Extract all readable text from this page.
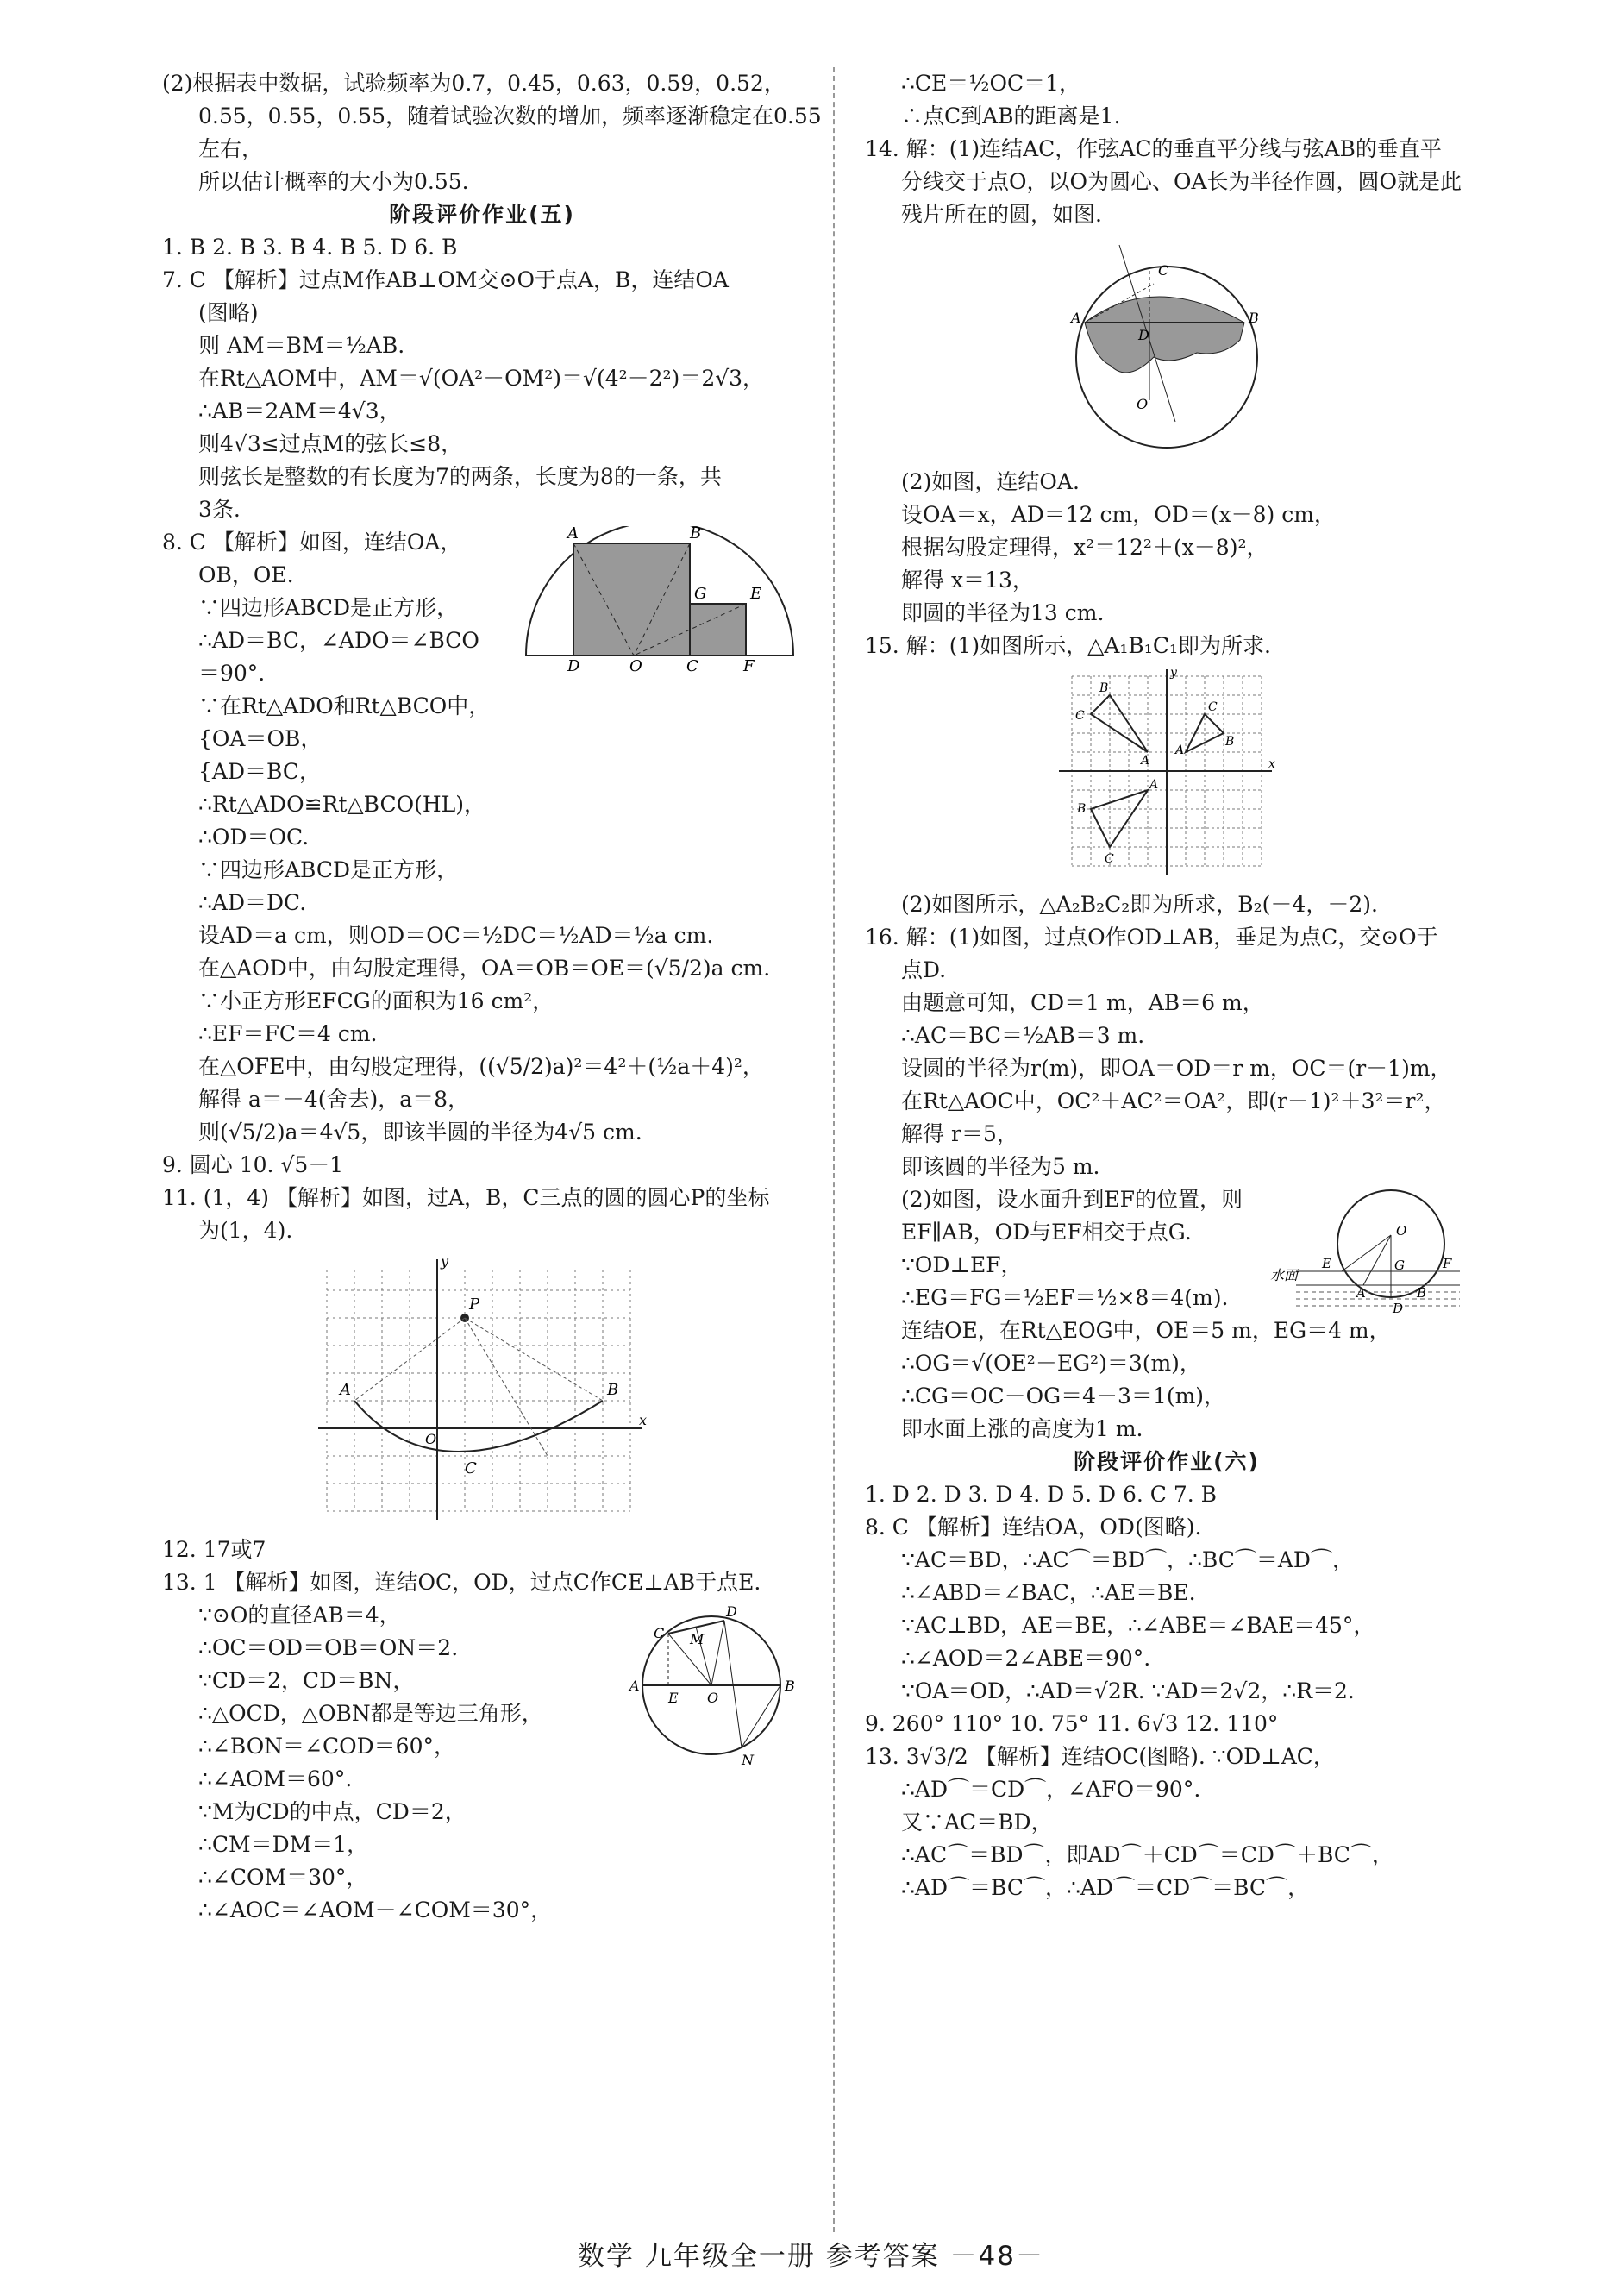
(2)根据表中数据，试验频率为0.7，0.45，0.63，0.59，0.52，
0.55，0.55，0.55，随着试验次数的增加，频率逐渐稳定在0.55
左右，
所以估计概率的大小为0.55.
阶段评价作业(五)
1. B 2. B 3. B 4. B 5. D 6. B
7. C 【解析】过点M作AB⊥OM交⊙O于点A，B，连结OA
(图略)
则 AM＝BM＝½AB.
在Rt△AOM中，AM＝√(OA²－OM²)＝√(4²－2²)＝2√3，
∴AB＝2AM＝4√3，
则4√3≤过点M的弦长≤8，
则弦长是整数的有长度为7的两条，长度为8的一条，共
3条.
A	B
G	E
D	O	C	F
8. C 【解析】如图，连结OA，
OB，OE.
∵四边形ABCD是正方形，
∴AD＝BC，∠ADO＝∠BCO
＝90°.
∵在Rt△ADO和Rt△BCO中，
{OA＝OB，
{AD＝BC，
∴Rt△ADO≌Rt△BCO(HL)，
∴OD＝OC.
∵四边形ABCD是正方形，
∴AD＝DC.
设AD＝a cm，则OD＝OC＝½DC＝½AD＝½a cm.
在△AOD中，由勾股定理得，OA＝OB＝OE＝(√5/2)a cm.
∵小正方形EFCG的面积为16 cm²，
∴EF＝FC＝4 cm.
在△OFE中，由勾股定理得，((√5/2)a)²＝4²＋(½a＋4)²，
解得 a＝－4(舍去)，a＝8，
则(√5/2)a＝4√5，即该半圆的半径为4√5 cm.
9. 圆心 10. √5－1
11. (1，4) 【解析】如图，过A，B，C三点的圆的圆心P的坐标
为(1，4).
A	B
P
C
y
x
O
12. 17或7
13. 1 【解析】如图，连结OC，OD，过点C作CE⊥AB于点E.
C
D
M
A	B
E O
N
∵⊙O的直径AB＝4，
∴OC＝OD＝OB＝ON＝2.
∵CD＝2，CD＝BN，
∴△OCD，△OBN都是等边三角形，
∴∠BON＝∠COD＝60°，
∴∠AOM＝60°.
∵M为CD的中点，CD＝2，
∴CM＝DM＝1，
∴∠COM＝30°，
∴∠AOC＝∠AOM－∠COM＝30°，
∴CE＝½OC＝1，
∴点C到AB的距离是1.
14. 解：(1)连结AC，作弦AC的垂直平分线与弦AB的垂直平
分线交于点O，以O为圆心、OA长为半径作圆，圆O就是此
残片所在的圆，如图.
C
A	B
D
O
(2)如图，连结OA.
设OA＝x，AD＝12 cm，OD＝(x－8) cm，
根据勾股定理得，x²＝12²＋(x－8)²，
解得 x＝13，
即圆的半径为13 cm.
15. 解：(1)如图所示，△A₁B₁C₁即为所求.
B
C
A
C
B
A
B
C
A
y
x
(2)如图所示，△A₂B₂C₂即为所求，B₂(－4，－2).
16. 解：(1)如图，过点O作OD⊥AB，垂足为点C，交⊙O于
点D.
由题意可知，CD＝1 m，AB＝6 m，
∴AC＝BC＝½AB＝3 m.
设圆的半径为r(m)，即OA＝OD＝r m，OC＝(r－1)m，
在Rt△AOC中，OC²＋AC²＝OA²，即(r－1)²＋3²＝r²，
解得 r＝5，
即该圆的半径为5 m.
O
E	F
G
A	B
D
水面
(2)如图，设水面升到EF的位置，则
EF∥AB，OD与EF相交于点G.
∵OD⊥EF，
∴EG＝FG＝½EF＝½×8＝4(m).
连结OE，在Rt△EOG中，OE＝5 m，EG＝4 m，
∴OG＝√(OE²－EG²)＝3(m)，
∴CG＝OC－OG＝4－3＝1(m)，
即水面上涨的高度为1 m.
阶段评价作业(六)
1. D 2. D 3. D 4. D 5. D 6. C 7. B
8. C 【解析】连结OA，OD(图略).
∵AC＝BD，∴AC⌒＝BD⌒，∴BC⌒＝AD⌒，
∴∠ABD＝∠BAC，∴AE＝BE.
∵AC⊥BD，AE＝BE，∴∠ABE＝∠BAE＝45°，
∴∠AOD＝2∠ABE＝90°.
∵OA＝OD，∴AD＝√2R. ∵AD＝2√2，∴R＝2.
9. 260° 110° 10. 75° 11. 6√3 12. 110°
13. 3√3/2 【解析】连结OC(图略). ∵OD⊥AC，
∴AD⌒＝CD⌒，∠AFO＝90°.
又∵AC＝BD，
∴AC⌒＝BD⌒，即AD⌒＋CD⌒＝CD⌒＋BC⌒，
∴AD⌒＝BC⌒，∴AD⌒＝CD⌒＝BC⌒，
数学 九年级全一册 参考答案 －48－
